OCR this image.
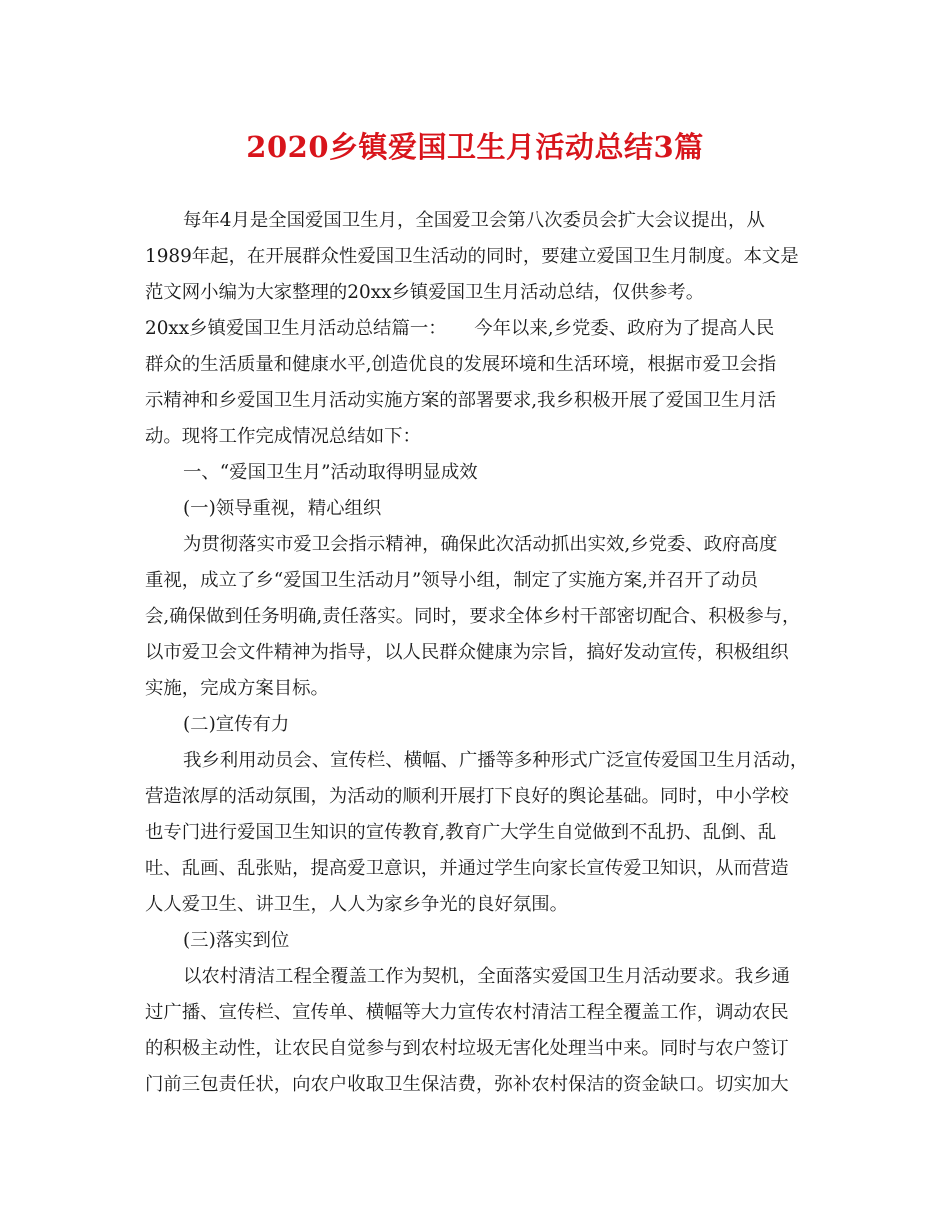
2020乡镇爱国卫生月活动总结3篇
每年4月是全国爱国卫生月，全国爱卫会第八次委员会扩大会议提出，从
1989年起，在开展群众性爱国卫生活动的同时，要建立爱国卫生月制度。本文是
范文网小编为大家整理的20xx乡镇爱国卫生月活动总结，仅供参考。
20xx乡镇爱国卫生月活动总结篇一：　　今年以来,乡党委、政府为了提高人民
群众的生活质量和健康水平,创造优良的发展环境和生活环境，根据市爱卫会指
示精神和乡爱国卫生月活动实施方案的部署要求,我乡积极开展了爱国卫生月活
动。现将工作完成情况总结如下：
一、“爱国卫生月”活动取得明显成效
(一)领导重视，精心组织
为贯彻落实市爱卫会指示精神，确保此次活动抓出实效,乡党委、政府高度
重视，成立了乡“爱国卫生活动月”领导小组，制定了实施方案,并召开了动员
会,确保做到任务明确,责任落实。同时，要求全体乡村干部密切配合、积极参与，
以市爱卫会文件精神为指导，以人民群众健康为宗旨，搞好发动宣传，积极组织
实施，完成方案目标。
(二)宣传有力
我乡利用动员会、宣传栏、横幅、广播等多种形式广泛宣传爱国卫生月活动，
营造浓厚的活动氛围，为活动的顺利开展打下良好的舆论基础。同时，中小学校
也专门进行爱国卫生知识的宣传教育,教育广大学生自觉做到不乱扔、乱倒、乱
吐、乱画、乱张贴，提高爱卫意识，并通过学生向家长宣传爱卫知识，从而营造
人人爱卫生、讲卫生，人人为家乡争光的良好氛围。
(三)落实到位
以农村清洁工程全覆盖工作为契机，全面落实爱国卫生月活动要求。我乡通
过广播、宣传栏、宣传单、横幅等大力宣传农村清洁工程全覆盖工作，调动农民
的积极主动性，让农民自觉参与到农村垃圾无害化处理当中来。同时与农户签订
门前三包责任状，向农户收取卫生保洁费，弥补农村保洁的资金缺口。切实加大
